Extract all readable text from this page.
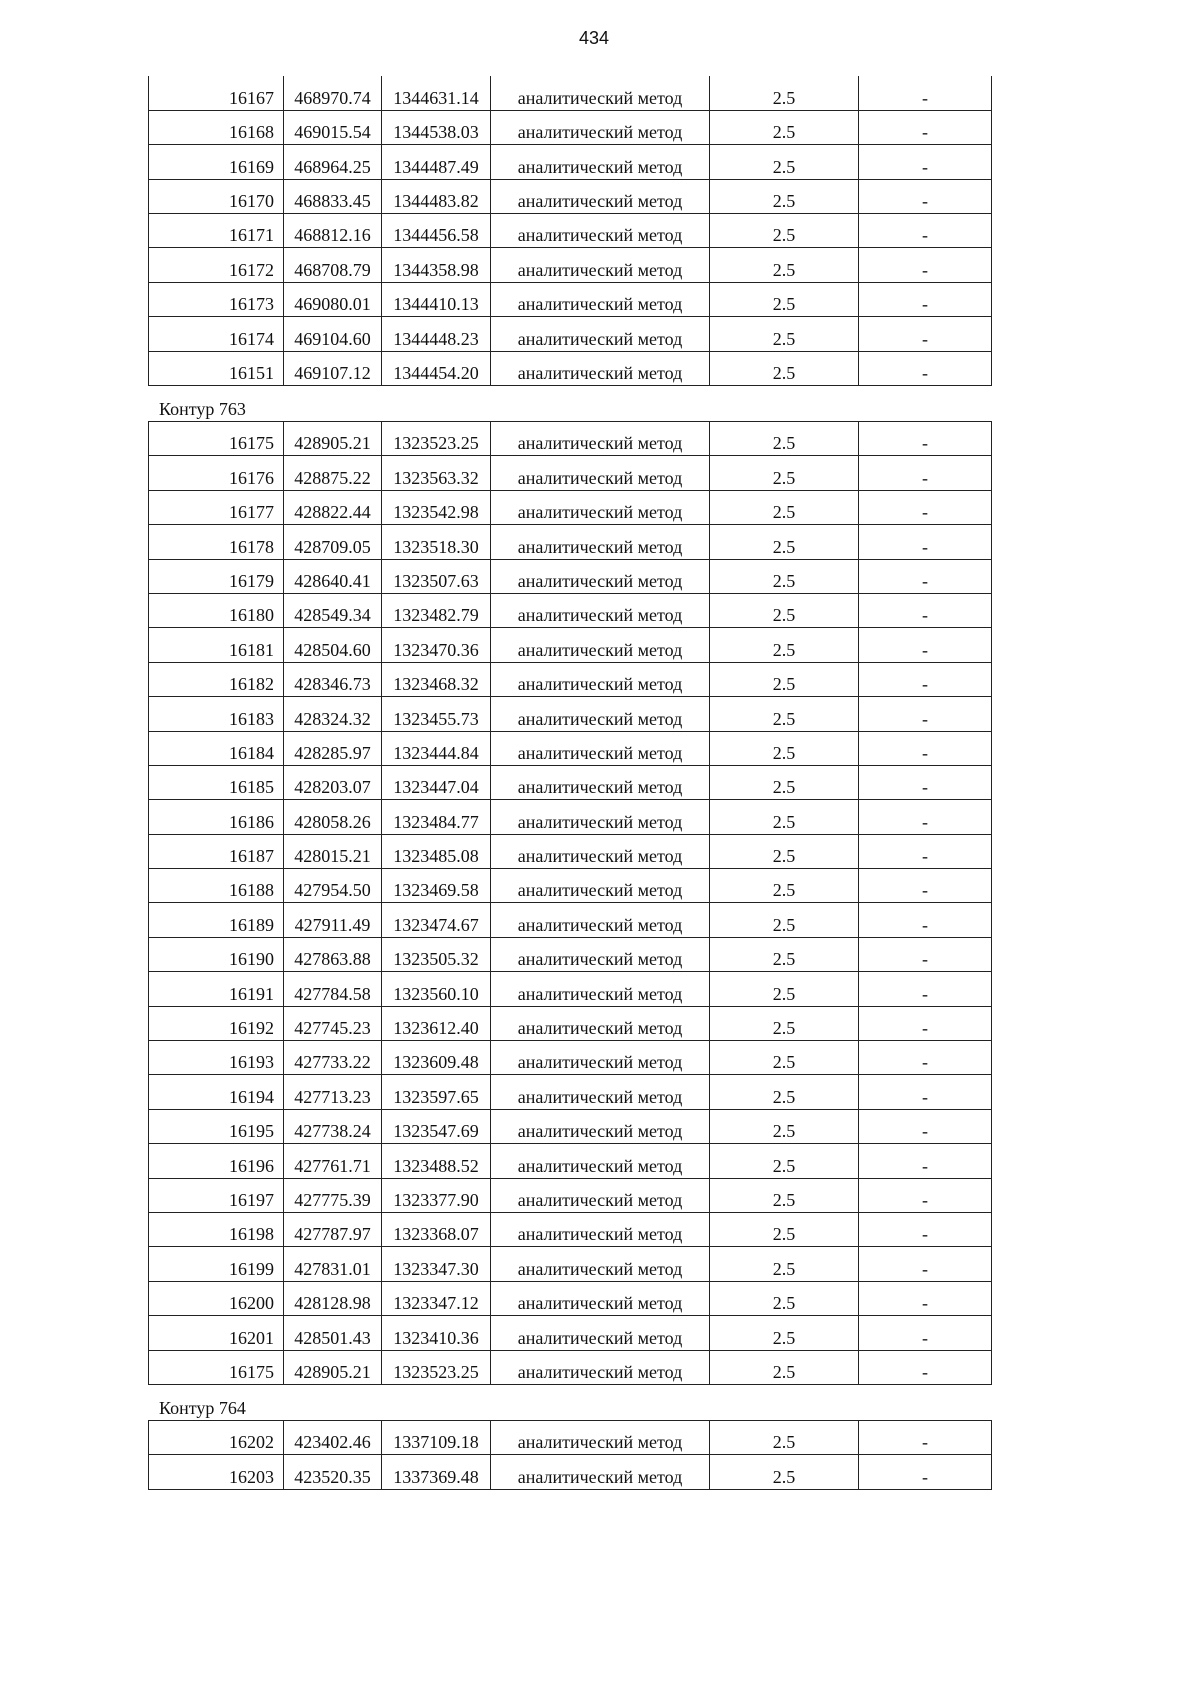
434
16167	468970.74	1344631.14	аналитический метод	2.5	-
16168	469015.54	1344538.03	аналитический метод	2.5	-
16169	468964.25	1344487.49	аналитический метод	2.5	-
16170	468833.45	1344483.82	аналитический метод	2.5	-
16171	468812.16	1344456.58	аналитический метод	2.5	-
16172	468708.79	1344358.98	аналитический метод	2.5	-
16173	469080.01	1344410.13	аналитический метод	2.5	-
16174	469104.60	1344448.23	аналитический метод	2.5	-
16151	469107.12	1344454.20	аналитический метод	2.5	-
Контур 763
16175	428905.21	1323523.25	аналитический метод	2.5	-
16176	428875.22	1323563.32	аналитический метод	2.5	-
16177	428822.44	1323542.98	аналитический метод	2.5	-
16178	428709.05	1323518.30	аналитический метод	2.5	-
16179	428640.41	1323507.63	аналитический метод	2.5	-
16180	428549.34	1323482.79	аналитический метод	2.5	-
16181	428504.60	1323470.36	аналитический метод	2.5	-
16182	428346.73	1323468.32	аналитический метод	2.5	-
16183	428324.32	1323455.73	аналитический метод	2.5	-
16184	428285.97	1323444.84	аналитический метод	2.5	-
16185	428203.07	1323447.04	аналитический метод	2.5	-
16186	428058.26	1323484.77	аналитический метод	2.5	-
16187	428015.21	1323485.08	аналитический метод	2.5	-
16188	427954.50	1323469.58	аналитический метод	2.5	-
16189	427911.49	1323474.67	аналитический метод	2.5	-
16190	427863.88	1323505.32	аналитический метод	2.5	-
16191	427784.58	1323560.10	аналитический метод	2.5	-
16192	427745.23	1323612.40	аналитический метод	2.5	-
16193	427733.22	1323609.48	аналитический метод	2.5	-
16194	427713.23	1323597.65	аналитический метод	2.5	-
16195	427738.24	1323547.69	аналитический метод	2.5	-
16196	427761.71	1323488.52	аналитический метод	2.5	-
16197	427775.39	1323377.90	аналитический метод	2.5	-
16198	427787.97	1323368.07	аналитический метод	2.5	-
16199	427831.01	1323347.30	аналитический метод	2.5	-
16200	428128.98	1323347.12	аналитический метод	2.5	-
16201	428501.43	1323410.36	аналитический метод	2.5	-
16175	428905.21	1323523.25	аналитический метод	2.5	-
Контур 764
16202	423402.46	1337109.18	аналитический метод	2.5	-
16203	423520.35	1337369.48	аналитический метод	2.5	-
